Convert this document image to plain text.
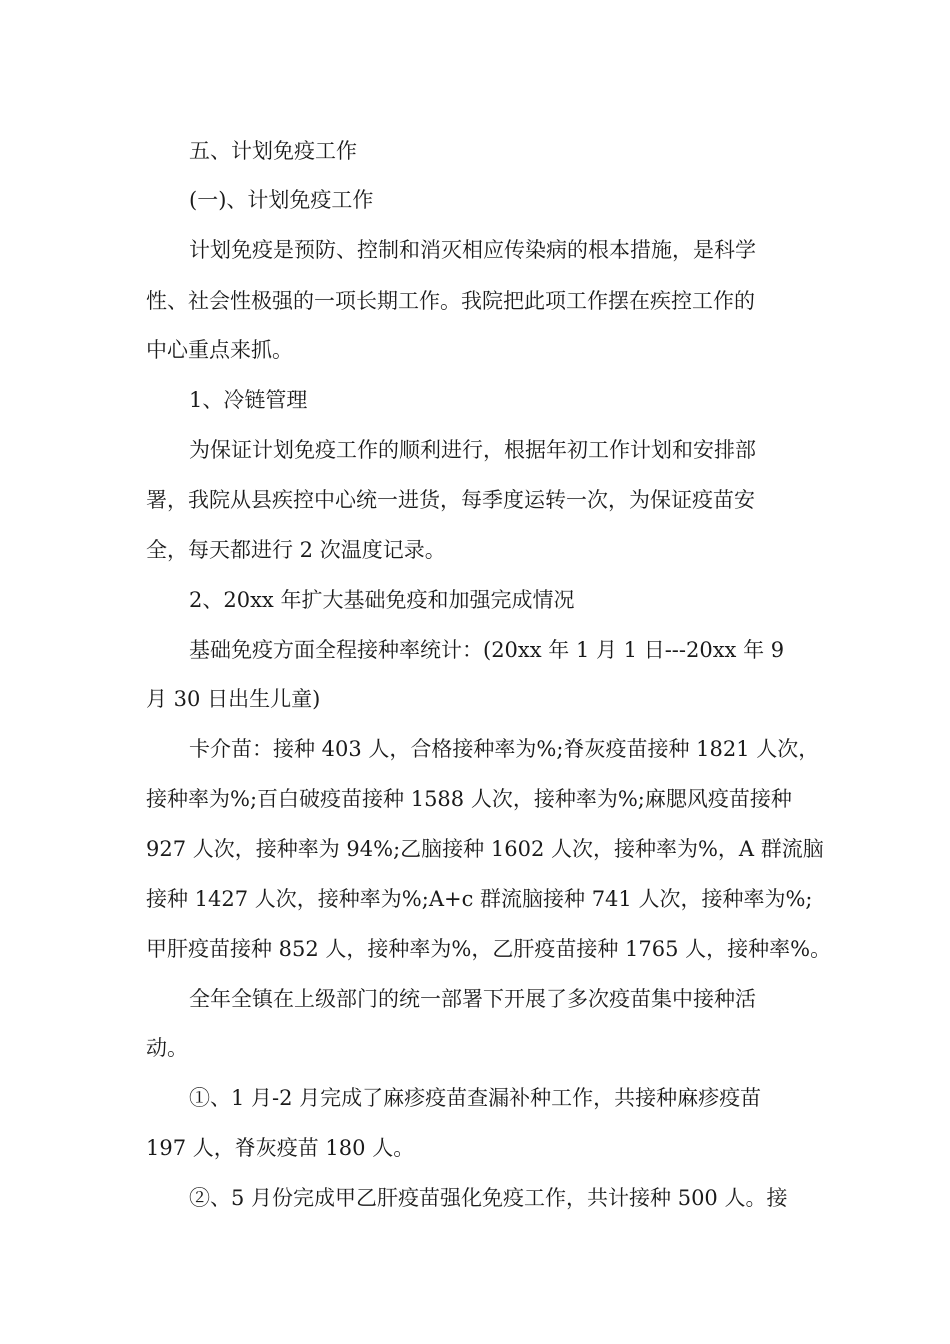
五、计划免疫工作
(一)、计划免疫工作
计划免疫是预防、控制和消灭相应传染病的根本措施，是科学
性、社会性极强的一项长期工作。我院把此项工作摆在疾控工作的
中心重点来抓。
1、冷链管理
为保证计划免疫工作的顺利进行，根据年初工作计划和安排部
署，我院从县疾控中心统一进货，每季度运转一次，为保证疫苗安
全，每天都进行 2 次温度记录。
2、20xx 年扩大基础免疫和加强完成情况
基础免疫方面全程接种率统计：(20xx 年 1 月 1 日---20xx 年 9
月 30 日出生儿童)
卡介苗：接种 403 人，合格接种率为%;脊灰疫苗接种 1821 人次，
接种率为%;百白破疫苗接种 1588 人次，接种率为%;麻腮风疫苗接种
927 人次，接种率为 94%;乙脑接种 1602 人次，接种率为%，A 群流脑
接种 1427 人次，接种率为%;A+c 群流脑接种 741 人次，接种率为%;
甲肝疫苗接种 852 人，接种率为%，乙肝疫苗接种 1765 人，接种率%。
全年全镇在上级部门的统一部署下开展了多次疫苗集中接种活
动。
①、1 月-2 月完成了麻疹疫苗查漏补种工作，共接种麻疹疫苗
197 人，脊灰疫苗 180 人。
②、5 月份完成甲乙肝疫苗强化免疫工作，共计接种 500 人。接
